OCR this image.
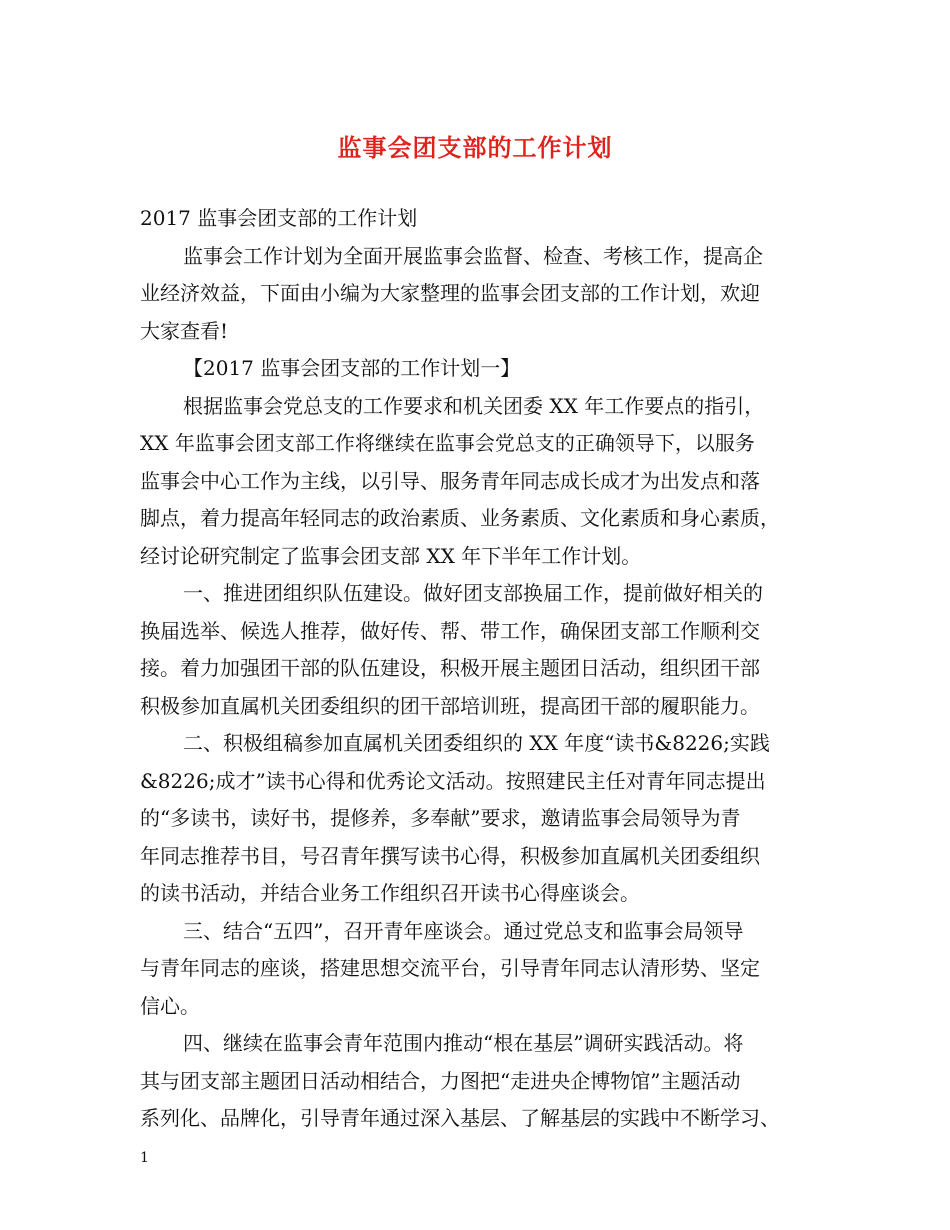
监事会团支部的工作计划
2017 监事会团支部的工作计划
监事会工作计划为全面开展监事会监督、检查、考核工作，提高企
业经济效益，下面由小编为大家整理的监事会团支部的工作计划，欢迎
大家查看!
【2017 监事会团支部的工作计划一】
根据监事会党总支的工作要求和机关团委 XX 年工作要点的指引，
XX 年监事会团支部工作将继续在监事会党总支的正确领导下，以服务
监事会中心工作为主线，以引导、服务青年同志成长成才为出发点和落
脚点，着力提高年轻同志的政治素质、业务素质、文化素质和身心素质，
经讨论研究制定了监事会团支部 XX 年下半年工作计划。
一、推进团组织队伍建设。做好团支部换届工作，提前做好相关的
换届选举、候选人推荐，做好传、帮、带工作，确保团支部工作顺利交
接。着力加强团干部的队伍建设，积极开展主题团日活动，组织团干部
积极参加直属机关团委组织的团干部培训班，提高团干部的履职能力。
二、积极组稿参加直属机关团委组织的 XX 年度“读书&8226;实践
&8226;成才”读书心得和优秀论文活动。按照建民主任对青年同志提出
的“多读书，读好书，提修养，多奉献”要求，邀请监事会局领导为青
年同志推荐书目，号召青年撰写读书心得，积极参加直属机关团委组织
的读书活动，并结合业务工作组织召开读书心得座谈会。
三、结合“五四”，召开青年座谈会。通过党总支和监事会局领导
与青年同志的座谈，搭建思想交流平台，引导青年同志认清形势、坚定
信心。
四、继续在监事会青年范围内推动“根在基层”调研实践活动。将
其与团支部主题团日活动相结合，力图把“走进央企博物馆”主题活动
系列化、品牌化，引导青年通过深入基层、了解基层的实践中不断学习、
1
